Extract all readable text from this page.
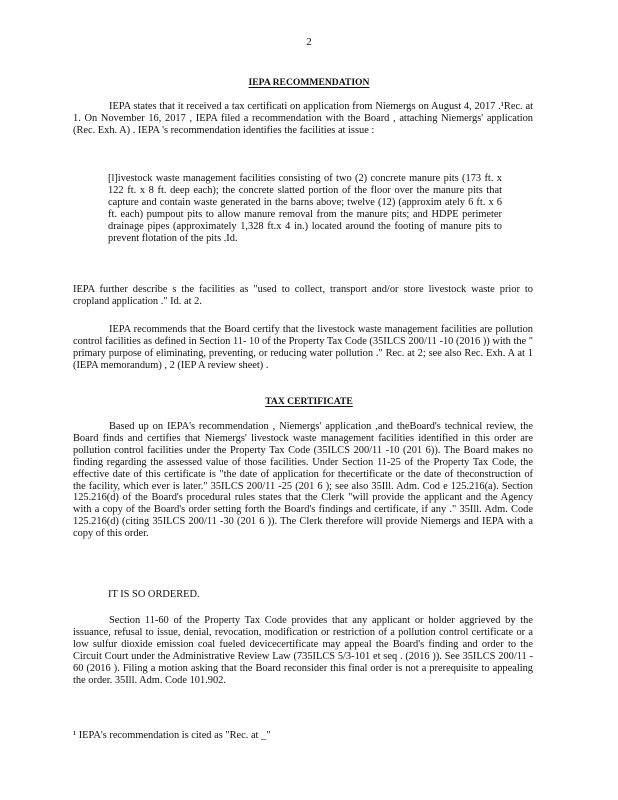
2
IEPA RECOMMENDATION

IEPA states that it received a tax certificati on application from Niemergs on August 4, 2017 .¹Rec. at 1. On November 16, 2017 , IEPA filed a recommendation with the Board , attaching Niemergs' application (Rec. Exh. A) . IEPA 's recommendation identifies the facilities at issue :

[l]ivestock waste management facilities consisting of two (2) concrete manure pits (173 ft. x 122 ft. x 8 ft. deep each); the concrete slatted portion of the floor over the manure pits that capture and contain waste generated in the barns above; twelve (12) (approxim ately 6 ft. x 6 ft. each) pumpout pits to allow manure removal from the manure pits; and HDPE perimeter drainage pipes (approximately 1,328 ft.x 4 in.) located around the footing of manure pits to prevent flotation of the pits .Id.

IEPA further describe s the facilities as "used to collect, transport and/or store livestock waste prior to cropland application ." Id. at 2.

IEPA recommends that the Board certify that the livestock waste management facilities are pollution control facilities as defined in Section 11- 10 of the Property Tax Code (35ILCS 200/11 -10 (2016 )) with the " primary purpose of eliminating, preventing, or reducing water pollution ." Rec. at 2; see also Rec. Exh. A at 1 (IEPA memorandum) , 2 (IEP A review sheet) .

TAX CERTIFICATE

Based up on IEPA's recommendation , Niemergs' application ,and theBoard's technical review, the Board finds and certifies that Niemergs' livestock waste management facilities identified in this order are pollution control facilities under the Property Tax Code (35ILCS 200/11 -10 (201 6)). The Board makes no finding regarding the assessed value of those facilities. Under Section 11-25 of the Property Tax Code, the effective date of this certificate is "the date of application for thecertificate or the date of theconstruction of the facility, which ever is later." 35ILCS 200/11 -25 (201 6 ); see also 35Ill. Adm. Cod e 125.216(a). Section 125.216(d) of the Board's procedural rules states that the Clerk "will provide the applicant and the Agency with a copy of the Board's order setting forth the Board's findings and certificate, if any ." 35Ill. Adm. Code 125.216(d) (citing 35ILCS 200/11 -30 (201 6 )). The Clerk therefore will provide Niemergs and IEPA with a copy of this order.

IT IS SO ORDERED.

Section 11-60 of the Property Tax Code provides that any applicant or holder aggrieved by the issuance, refusal to issue, denial, revocation, modification or restriction of a pollution control certificate or a low sulfur dioxide emission coal fueled devicecertificate may appeal the Board's finding and order to the Circuit Court under the Administrative Review Law (735ILCS 5/3-101 et seq . (2016 )). See 35ILCS 200/11 - 60 (2016 ). Filing a motion asking that the Board reconsider this final order is not a prerequisite to appealing the order. 35Ill. Adm. Code 101.902.

¹ IEPA's recommendation is cited as "Rec. at _"
